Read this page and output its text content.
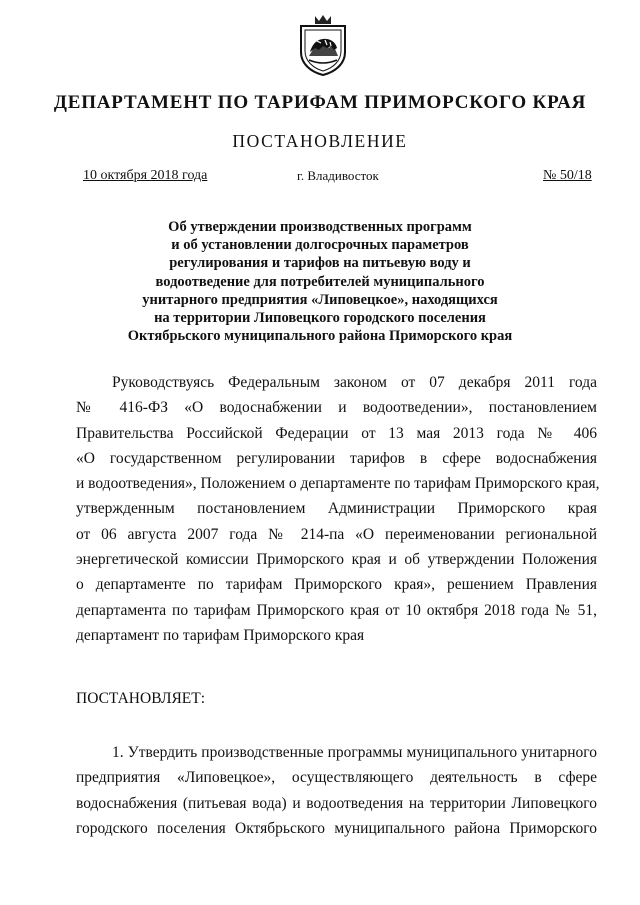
ДЕПАРТАМЕНТ ПО ТАРИФАМ ПРИМОРСКОГО КРАЯ
ПОСТАНОВЛЕНИЕ
10 октября 2018 года	г. Владивосток	№ 50/18
Об утверждении производственных программ
и об установлении долгосрочных параметров
регулирования и тарифов на питьевую воду и
водоотведение для потребителей муниципального
унитарного предприятия «Липовецкое», находящихся
на территории Липовецкого городского поселения
Октябрьского муниципального района Приморского края
Руководствуясь Федеральным законом от 07 декабря 2011 года
№ 416-ФЗ «О водоснабжении и водоотведении», постановлением
Правительства Российской Федерации от 13 мая 2013 года № 406
«О государственном регулировании тарифов в сфере водоснабжения
и водоотведения», Положением о департаменте по тарифам Приморского края,
утвержденным постановлением Администрации Приморского края
от 06 августа 2007 года № 214-па «О переименовании региональной
энергетической комиссии Приморского края и об утверждении Положения
о департаменте по тарифам Приморского края», решением Правления
департамента по тарифам Приморского края от 10 октября 2018 года № 51,
департамент по тарифам Приморского края
ПОСТАНОВЛЯЕТ:
1. Утвердить производственные программы муниципального унитарного
предприятия «Липовецкое», осуществляющего деятельность в сфере
водоснабжения (питьевая вода) и водоотведения на территории Липовецкого
городского поселения Октябрьского муниципального района Приморского
